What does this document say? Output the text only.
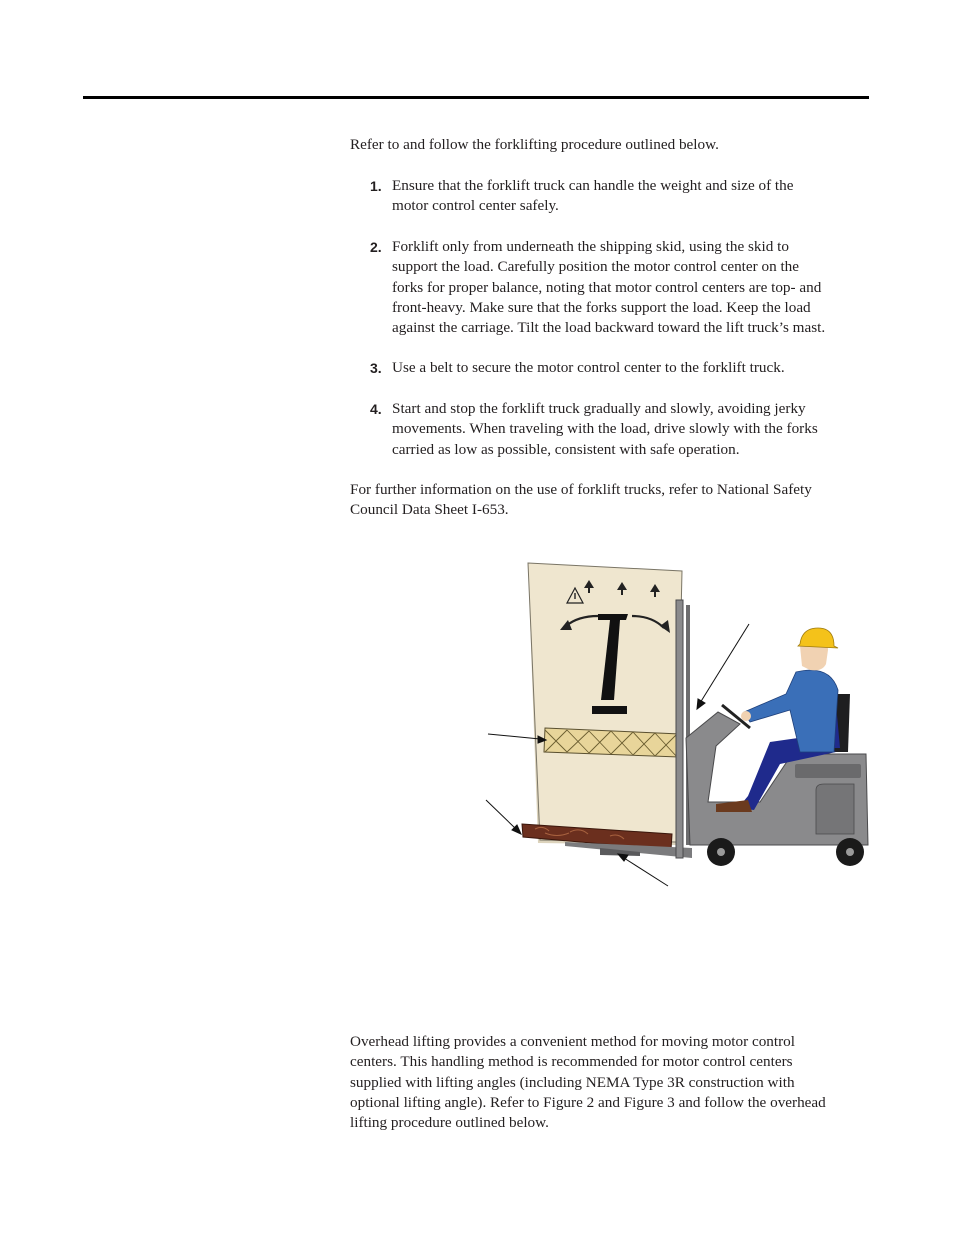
Refer to and follow the forklifting procedure outlined below.

1. Ensure that the forklift truck can handle the weight and size of the
motor control center safely.
2. Forklift only from underneath the shipping skid, using the skid to
support the load. Carefully position the motor control center on the
forks for proper balance, noting that motor control centers are top- and
front-heavy. Make sure that the forks support the load. Keep the load
against the carriage. Tilt the load backward toward the lift truck’s mast.
3. Use a belt to secure the motor control center to the forklift truck.
4. Start and stop the forklift truck gradually and slowly, avoiding jerky
movements. When traveling with the load, drive slowly with the forks
carried as low as possible, consistent with safe operation.
For further information on the use of forklift trucks, refer to National Safety
Council Data Sheet I-653.
Overhead lifting provides a convenient method for moving motor control
centers. This handling method is recommended for motor control centers
supplied with lifting angles (including NEMA Type 3R construction with
optional lifting angle). Refer to Figure 2 and Figure 3 and follow the overhead
lifting procedure outlined below.
